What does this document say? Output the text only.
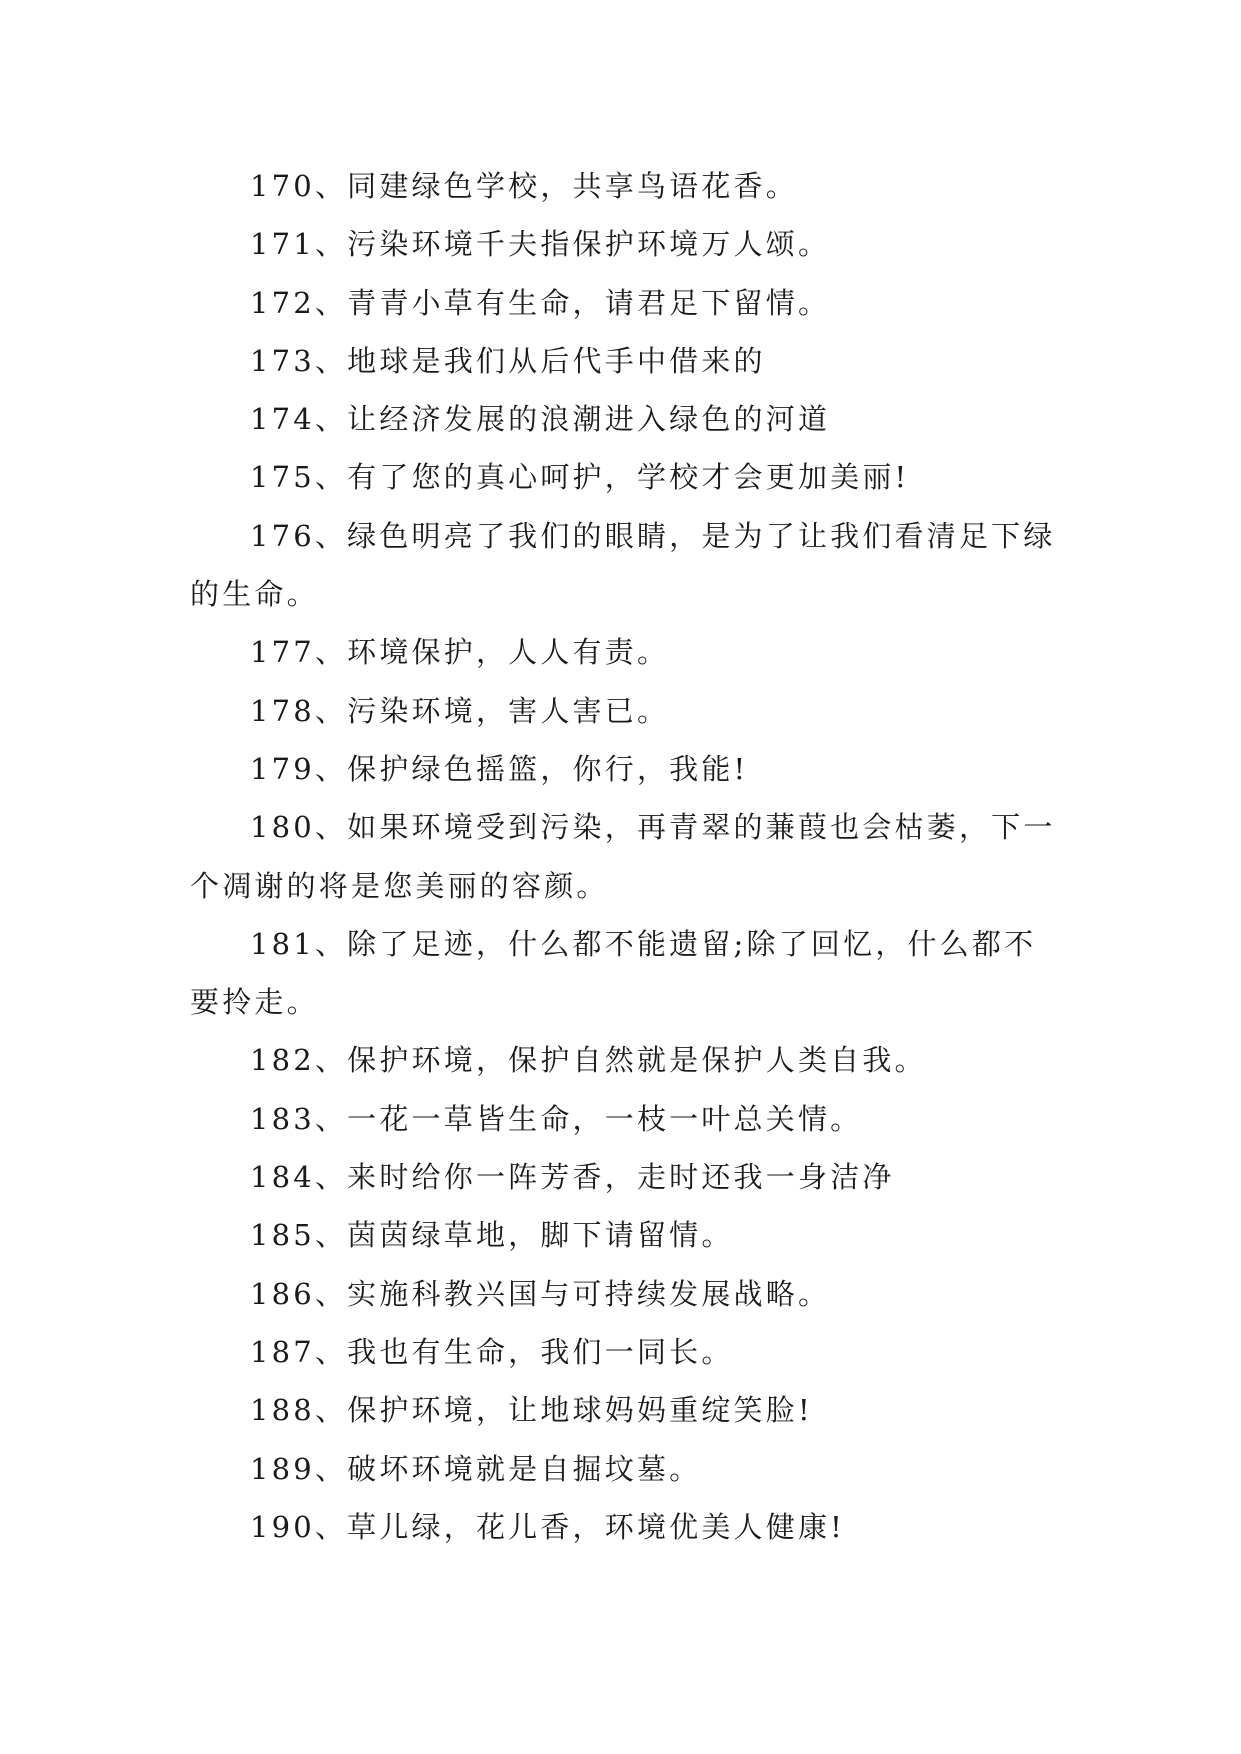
170、同建绿色学校，共享鸟语花香。

171、污染环境千夫指保护环境万人颂。

172、青青小草有生命，请君足下留情。

173、地球是我们从后代手中借来的

174、让经济发展的浪潮进入绿色的河道

175、有了您的真心呵护，学校才会更加美丽!

176、绿色明亮了我们的眼睛，是为了让我们看清足下绿的生命。

177、环境保护，人人有责。

178、污染环境，害人害已。

179、保护绿色摇篮，你行，我能!

180、如果环境受到污染，再青翠的蒹葭也会枯萎，下一个凋谢的将是您美丽的容颜。

181、除了足迹，什么都不能遗留;除了回忆，什么都不要拎走。

182、保护环境，保护自然就是保护人类自我。

183、一花一草皆生命，一枝一叶总关情。

184、来时给你一阵芳香，走时还我一身洁净

185、茵茵绿草地，脚下请留情。

186、实施科教兴国与可持续发展战略。

187、我也有生命，我们一同长。

188、保护环境，让地球妈妈重绽笑脸!

189、破坏环境就是自掘坟墓。

190、草儿绿，花儿香，环境优美人健康!
